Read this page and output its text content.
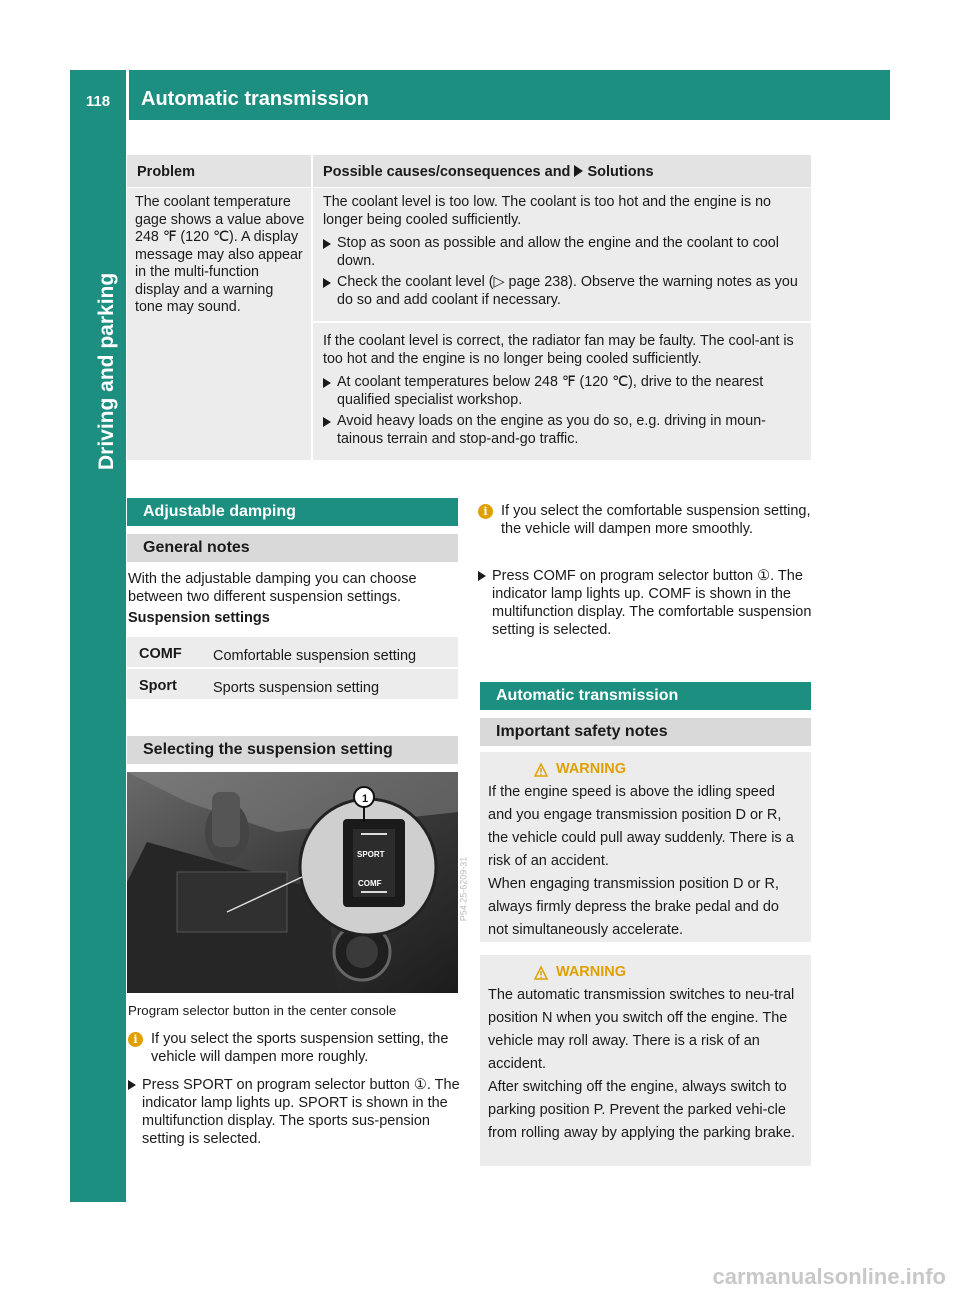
118	Automatic transmission
Driving and parking
Problem	Possible causes/consequences and  Solutions

The coolant temperature gage shows a value above 248 ℉ (120 ℃). A display message may also appear in the multi-function display and a warning tone may sound.

The coolant level is too low. The coolant is too hot and the engine is no longer being cooled sufficiently.

Stop as soon as possible and allow the engine and the coolant to cool down.
Check the coolant level (▷ page 238). Observe the warning notes as you do so and add coolant if necessary.

If the coolant level is correct, the radiator fan may be faulty. The cool-ant is too hot and the engine is no longer being cooled sufficiently.

At coolant temperatures below 248 ℉ (120 ℃), drive to the nearest qualified specialist workshop.
Avoid heavy loads on the engine as you do so, e.g. driving in moun-tainous terrain and stop-and-go traffic.
Adjustable damping
General notes

With the adjustable damping you can choose between two different suspension settings.

Suspension settings

COMF Comfortable suspension setting
Sport Sports suspension setting
Selecting the suspension setting
1
SPORT
COMF	P54.25-6209-31
Program selector button in the center console
i If you select the sports suspension setting, the vehicle will dampen more roughly.
Press SPORT on program selector button ①. The indicator lamp lights up. SPORT is shown in the multifunction display. The sports sus-pension setting is selected.
i If you select the comfortable suspension setting, the vehicle will dampen more smoothly.
Press COMF on program selector button ①. The indicator lamp lights up. COMF is shown in the multifunction display. The comfortable suspension setting is selected.
Automatic transmission
Important safety notes
WARNING

If the engine speed is above the idling speed and you engage transmission position D or R, the vehicle could pull away suddenly. There is a risk of an accident.

When engaging transmission position D or R, always firmly depress the brake pedal and do not simultaneously accelerate.

WARNING

The automatic transmission switches to neu-tral position N when you switch off the engine. The vehicle may roll away. There is a risk of an accident.

After switching off the engine, always switch to parking position P. Prevent the parked vehi-cle from rolling away by applying the parking brake.

carmanualsonline.info
